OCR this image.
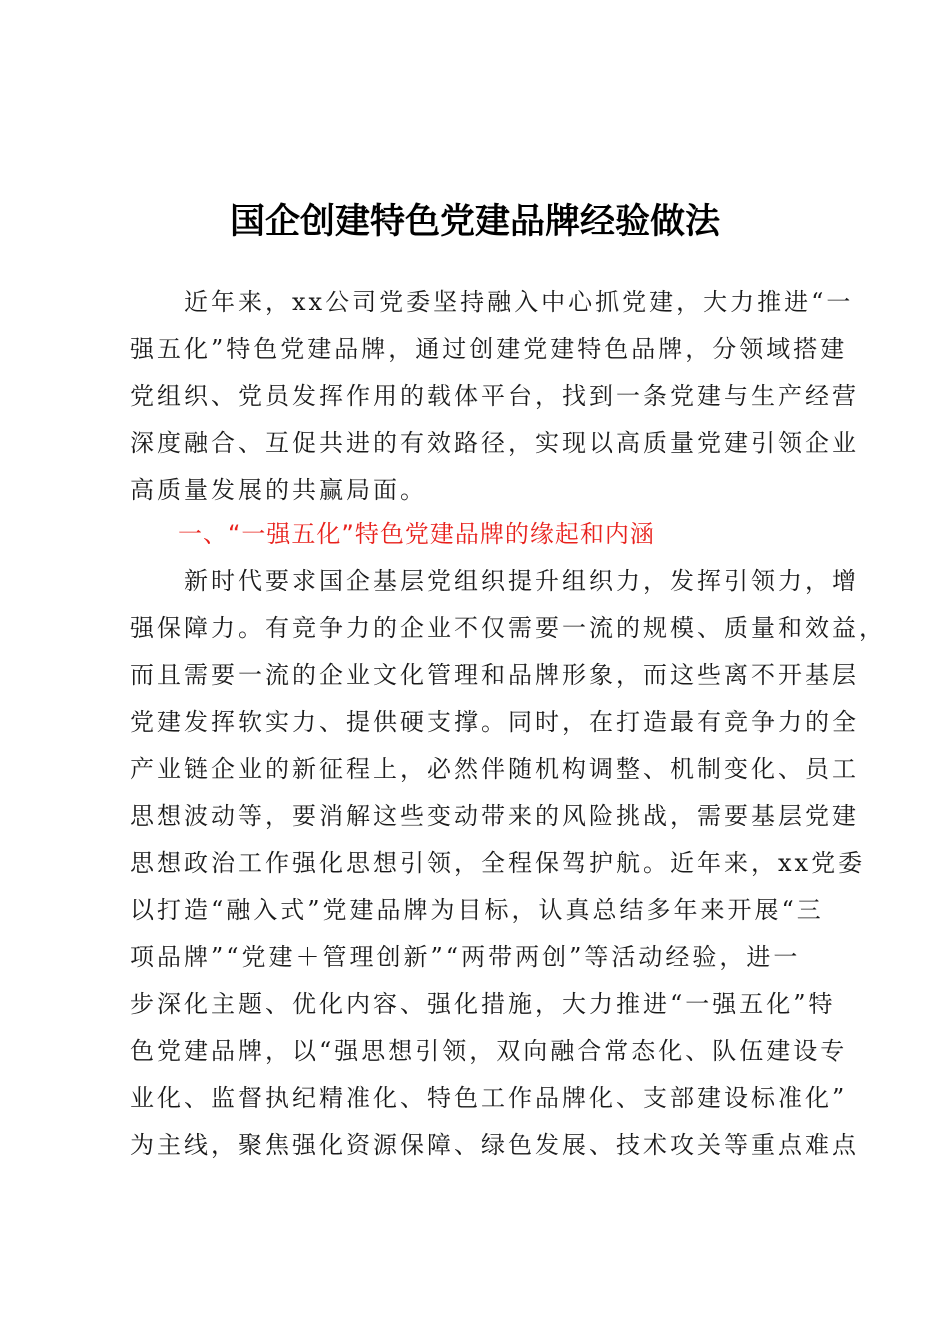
国企创建特色党建品牌经验做法
　　近年来，xx公司党委坚持融入中心抓党建，大力推进“一
强五化”特色党建品牌，通过创建党建特色品牌，分领域搭建
党组织、党员发挥作用的载体平台，找到一条党建与生产经营
深度融合、互促共进的有效路径，实现以高质量党建引领企业
高质量发展的共赢局面。
一、“一强五化”特色党建品牌的缘起和内涵
　　新时代要求国企基层党组织提升组织力，发挥引领力，增
强保障力。有竞争力的企业不仅需要一流的规模、质量和效益，
而且需要一流的企业文化管理和品牌形象，而这些离不开基层
党建发挥软实力、提供硬支撑。同时，在打造最有竞争力的全
产业链企业的新征程上，必然伴随机构调整、机制变化、员工
思想波动等，要消解这些变动带来的风险挑战，需要基层党建
思想政治工作强化思想引领，全程保驾护航。近年来，xx党委
以打造“融入式”党建品牌为目标，认真总结多年来开展“三
项品牌”“党建＋管理创新”“两带两创”等活动经验，进一
步深化主题、优化内容、强化措施，大力推进“一强五化”特
色党建品牌，以“强思想引领，双向融合常态化、队伍建设专
业化、监督执纪精准化、特色工作品牌化、支部建设标准化”
为主线，聚焦强化资源保障、绿色发展、技术攻关等重点难点
